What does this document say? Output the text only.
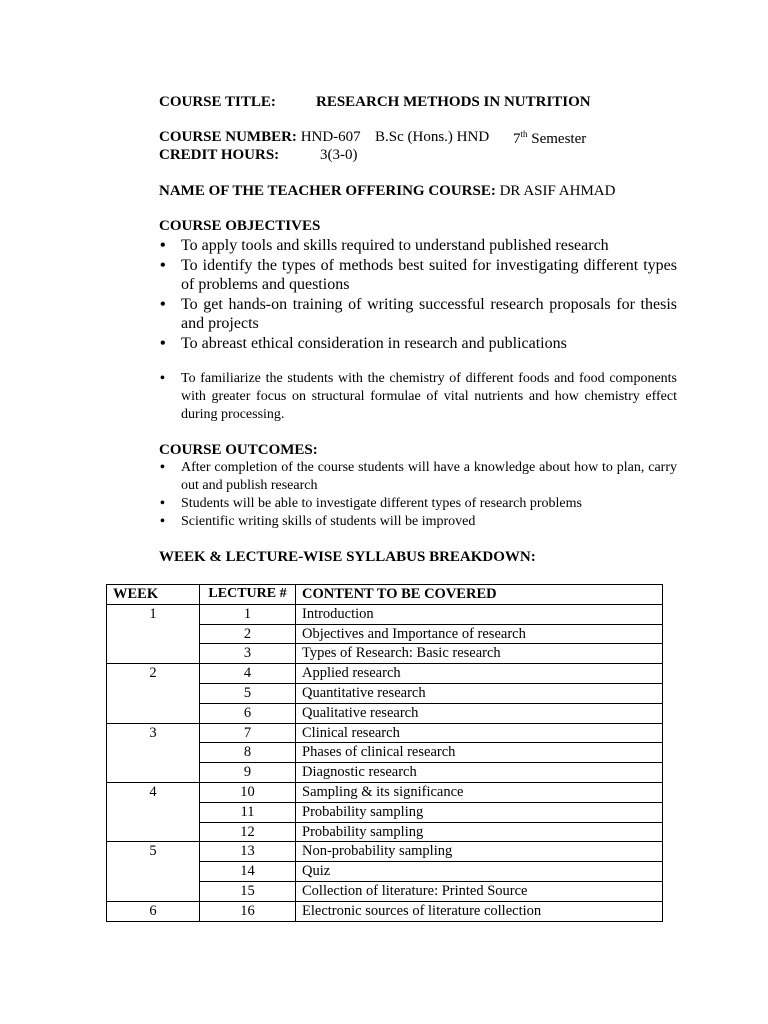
COURSE TITLE:	RESEARCH METHODS IN NUTRITION
COURSE NUMBER: HND-607 B.Sc (Hons.) HND 7th Semester
CREDIT HOURS:	3(3-0)
NAME OF THE TEACHER OFFERING COURSE: DR ASIF AHMAD
COURSE OBJECTIVES
• To apply tools and skills required to understand published research
• To identify the types of methods best suited for investigating different types of problems and questions
• To get hands-on training of writing successful research proposals for thesis and projects
• To abreast ethical consideration in research and publications
• To familiarize the students with the chemistry of different foods and food components with greater focus on structural formulae of vital nutrients and how chemistry effect during processing.
COURSE OUTCOMES:
• After completion of the course students will have a knowledge about how to plan, carry out and publish research
• Students will be able to investigate different types of research problems
• Scientific writing skills of students will be improved
WEEK & LECTURE-WISE SYLLABUS BREAKDOWN:
WEEK	LECTURE #	CONTENT TO BE COVERED
1	1	Introduction
	2	Objectives and Importance of research
	3	Types of Research: Basic research
2	4	Applied research
	5	Quantitative research
	6	Qualitative research
3	7	Clinical research
	8	Phases of clinical research
	9	Diagnostic research
4	10	Sampling & its significance
	11	Probability sampling
	12	Probability sampling
5	13	Non-probability sampling
	14	Quiz
	15	Collection of literature: Printed Source
6	16	Electronic sources of literature collection
